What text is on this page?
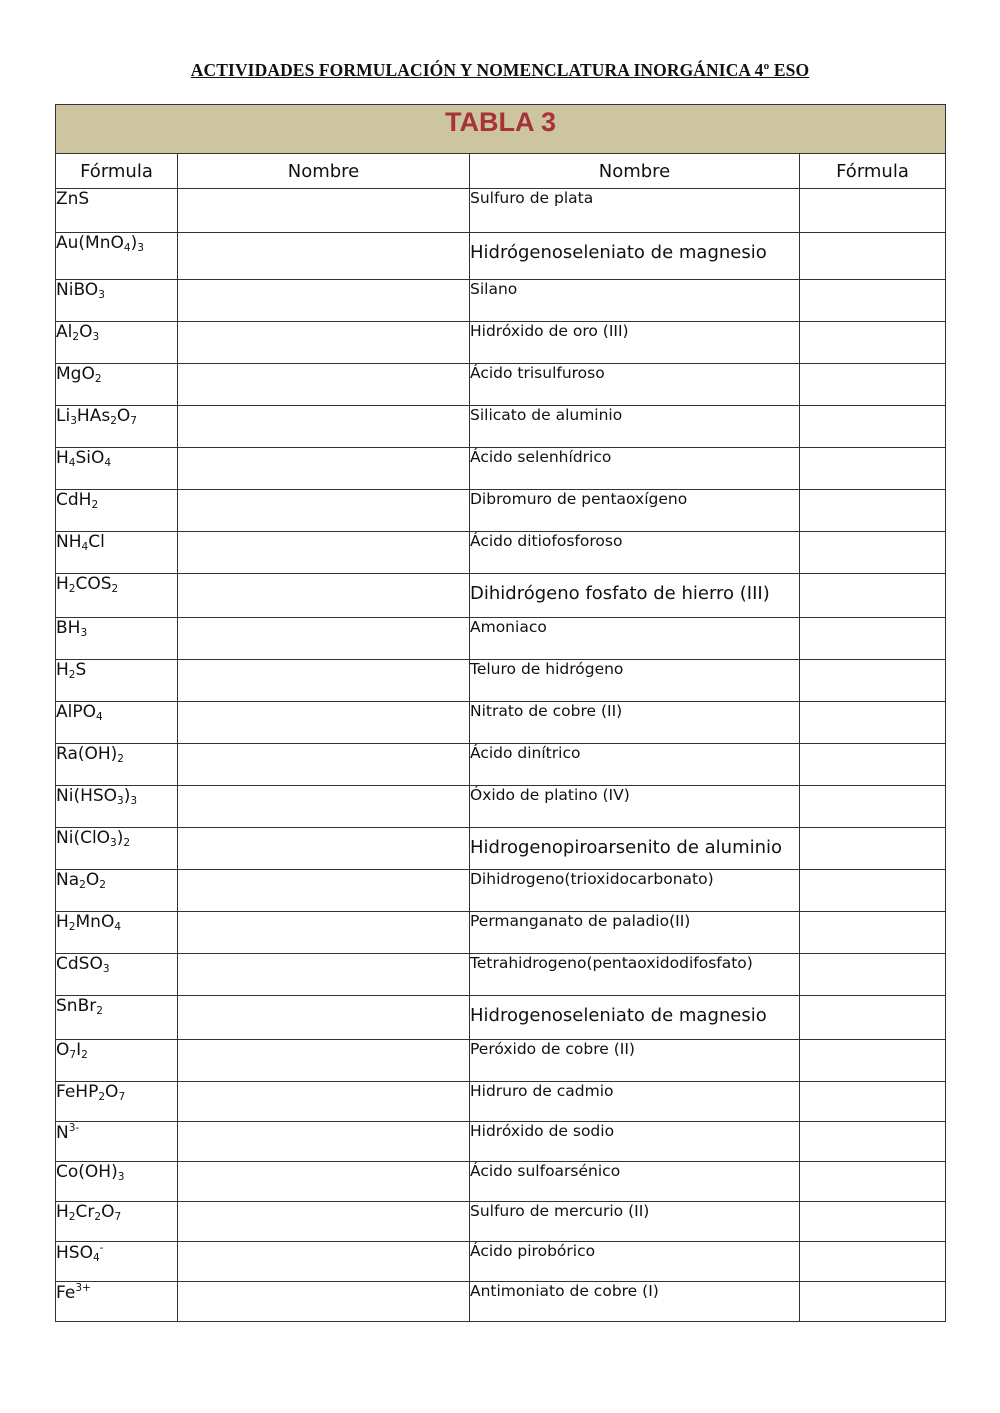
ACTIVIDADES FORMULACIÓN Y NOMENCLATURA INORGÁNICA 4º ESO
TABLA 3			
Fórmula	Nombre	Nombre	Fórmula
ZnS		Sulfuro de plata	

$Au(MnO_4)_3$		Hidrógenoseleniato de magnesio	

NiBO$_3$		Silano	

$Al_2O_3$		Hidróxido de oro (III)	

MgO$_2$		Ácido trisulfuroso	

$Li_3HAs_2O_7$		Silicato de aluminio	

$H_4SiO_4$		Ácido selenhídrico	

CdH$_2$		Dibromuro de pentaoxígeno	

$NH_4Cl$		Ácido ditiofosforoso	

$H_2COS_2$		Dihidrógeno fosfato de hierro (III)	

$BH_3$		Amoniaco	

$H_2S$		Teluro de hidrógeno	

AlPO$_4$		Nitrato de cobre (II)	

$Ra(OH)_2$		Ácido dinítrico	

$Ni(HSO_3)_3$		Óxido de platino (IV)	

$Ni(ClO_3)_2$		Hidrogenopiroarsenito de aluminio	

$Na_2O_2$		Dihidrogeno(trioxidocarbonato)	

$H_2MnO_4$		Permanganato de paladio(II)	

CdSO$_3$		Tetrahidrogeno(pentaoxidodifosfato)	

SnBr$_2$		Hidrogenoseleniato de magnesio	

$O_7I_2$		Peróxido de cobre (II)	

$FeHP_2O_7$		Hidruro de cadmio	

$N^{3-}$		Hidróxido de sodio	

$Co(OH)_3$		Ácido sulfoarsénico	

$H_2Cr_2O_7$		Sulfuro de mercurio (II)	

$HSO_4^-$		Ácido pirobórico	

$Fe^{3+}$		Antimoniato de cobre (I)	
